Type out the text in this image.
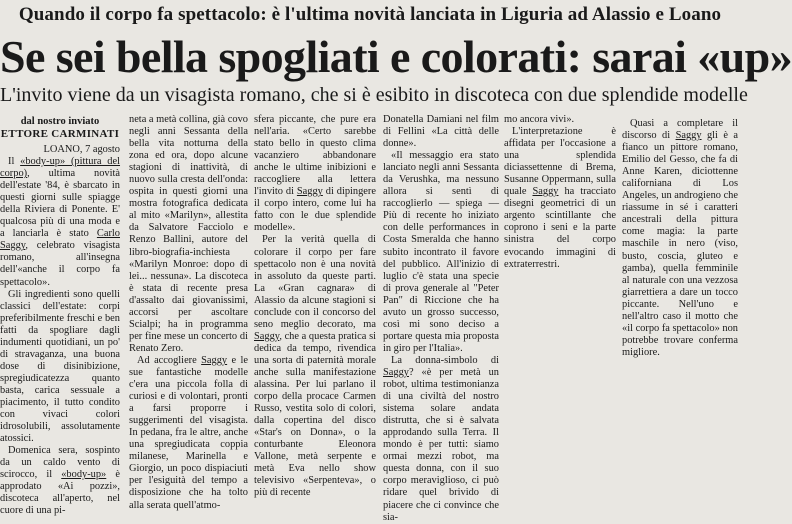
Quando il corpo fa spettacolo: è l'ultima novità lanciata in Liguria ad Alassio e Loano
Se sei bella spogliati e colorati: sarai «up»
L'invito viene da un visagista romano, che si è esibito in discoteca con due splendide modelle
dal nostro inviato
ETTORE CARMINATI

LOANO, 7 agosto

Il «body-up» (pittura del corpo), ultima novità dell'estate '84, è sbarcato in questi giorni sulle spiagge della Riviera di Ponente. E' qualcosa più di una moda e a lanciarla è stato Carlo Saggy, celebrato visagista romano, all'insegna dell'«anche il corpo fa spettacolo».

Gli ingredienti sono quelli classici dell'estate: corpi preferibilmente freschi e ben fatti da spogliare dagli indumenti quotidiani, un po' di stravaganza, una buona dose di disinibizione, spregiudicatezza quanto basta, carica sessuale a piacimento, il tutto condito con vivaci colori idrosolubili, assolutamente atossici.

Domenica sera, sospinto da un caldo vento di scirocco, il «body-up» è approdato «Ai pozzi», discoteca all'aperto, nel cuore di una pi-

neta a metà collina, già covo negli anni Sessanta della bella vita notturna della zona ed ora, dopo alcune stagioni di inattività, di nuovo sulla cresta dell'onda: ospita in questi giorni una mostra fotografica dedicata al mito «Marilyn», allestita da Salvatore Facciolo e Renzo Ballini, autore del libro-biografia-inchiesta «Marilyn Monroe: dopo di lei... nessuna». La discoteca è stata di recente presa d'assalto dai giovanissimi, accorsi per ascoltare Scialpi; ha in programma per fine mese un concerto di Renato Zero.

Ad accogliere Saggy e le sue fantastiche modelle c'era una piccola folla di curiosi e di volontari, pronti a farsi proporre i suggerimenti del visagista. In pedana, fra le altre, anche una spregiudicata coppia milanese, Marinella e Giorgio, un poco dispiaciuti per l'esiguità del tempo a disposizione che ha tolto alla serata quell'atmo-

sfera piccante, che pure era nell'aria. «Certo sarebbe stato bello in questo clima vacanziero abbandonare anche le ultime inibizioni e raccogliere alla lettera l'invito di Saggy di dipingere il corpo intero, come lui ha fatto con le due splendide modelle».

Per la verità quella di colorare il corpo per fare spettacolo non è una novità in assoluto da queste parti. La «Gran cagnara» di Alassio da alcune stagioni si conclude con il concorso del seno meglio decorato, ma Saggy, che a questa pratica si dedica da tempo, rivendica una sorta di paternità morale anche sulla manifestazione alassina. Per lui parlano il corpo della procace Carmen Russo, vestita solo di colori, dalla copertina del disco «Star's on Donna», o la conturbante Eleonora Vallone, metà serpente e metà Eva nello show televisivo «Serpenteva», o più di recente

Donatella Damiani nel film di Fellini «La città delle donne».

«Il messaggio era stato lanciato negli anni Sessanta da Verushka, ma nessuno allora si sentì di raccoglierlo — spiega — Più di recente ho iniziato con delle performances in Costa Smeralda che hanno subito incontrato il favore del pubblico. All'inizio di luglio c'è stata una specie di prova generale al "Peter Pan" di Riccione che ha avuto un grosso successo, così mi sono deciso a portare questa mia proposta in giro per l'Italia».

La donna-simbolo di Saggy? «è per metà un robot, ultima testimonianza di una civiltà del nostro sistema solare andata distrutta, che si è salvata approdando sulla Terra. Il mondo è per tutti: siamo ormai mezzi robot, ma questa donna, con il suo corpo meraviglioso, ci può ridare quel brivido di piacere che ci convince che sia-

mo ancora vivi».

L'interpretazione è affidata per l'occasione a una splendida diciassettenne di Brema, Susanne Oppermann, sulla quale Saggy ha tracciato disegni geometrici di un argento scintillante che coprono i seni e la parte sinistra del corpo evocando immagini di extraterrestri.

Quasi a completare il discorso di Saggy gli è a fianco un pittore romano, Emilio del Gesso, che fa di Anne Karen, diciottenne californiana di Los Angeles, un androgieno che riassume in sé i caratteri ancestrali della pittura come magia: la parte maschile in nero (viso, busto, coscia, gluteo e gamba), quella femminile al naturale con una vezzosa giarrettiera a dare un tocco piccante. Nell'uno e nell'altro caso il motto che «il corpo fa spettacolo» non potrebbe trovare conferma migliore.
